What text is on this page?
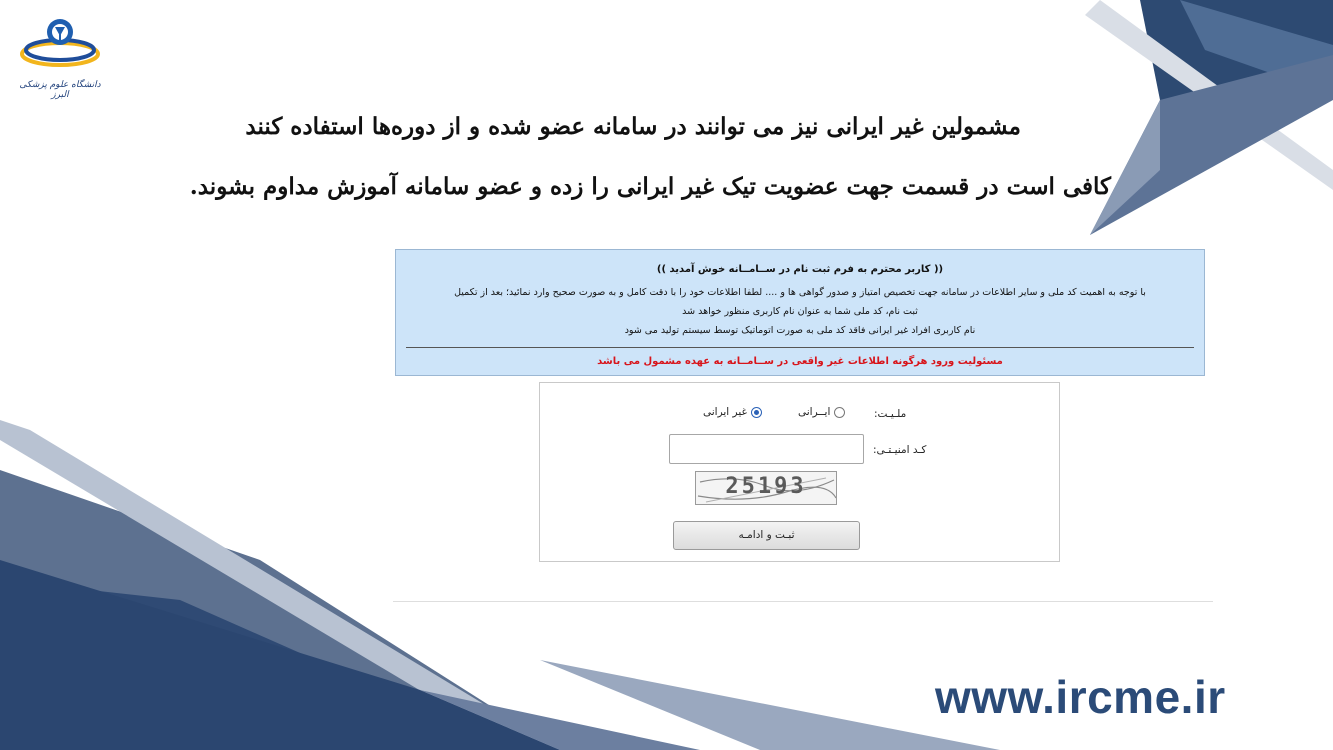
دانشگاه علوم پزشکی البرز
مشمولین غیر ایرانی نیز می توانند در سامانه عضو شده و از دوره‌ها استفاده کنند
کافی است در قسمت جهت عضویت تیک غیر ایرانی را زده و عضو سامانه آموزش مداوم بشوند.
(( کاربر محترم به فرم ثبت نام در ســامــانه خوش آمدید ))
با توجه به اهمیت کد ملی و سایر اطلاعات در سامانه جهت تخصیص امتیاز و صدور گواهی ها و .... لطفا اطلاعات خود را با دقت کامل و به صورت صحیح وارد نمائید؛ بعد از تکمیل
ثبت نام، کد ملی شما به عنوان نام کاربری منظور خواهد شد
نام کاربری افراد غیر ایرانی فاقد کد ملی به صورت اتوماتیک توسط سیستم تولید می شود
مسئولیت ورود هرگونه اطلاعات غیر واقعی در ســامــانه به عهده مشمول می باشد
ملـیـت:
ایــرانی
غیر ایرانی
کـد امنیـتـی:
25193
ثبـت و ادامـه
www.ircme.ir
